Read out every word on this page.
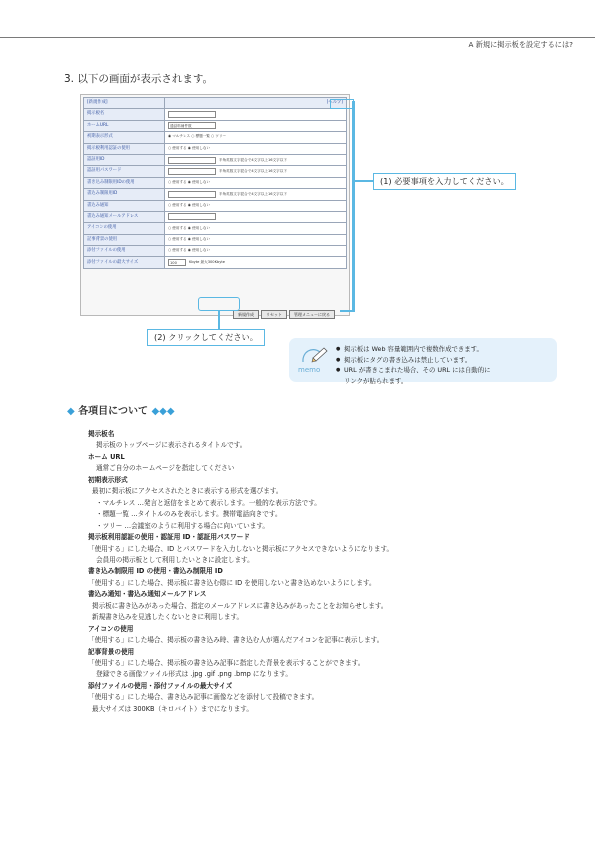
A 新規に掲示板を設定するには?
3. 以下の画面が表示されます。
[新規作成]	[ヘルプ]

掲示板名	
ホームURL	通話料補件数
初期表示形式	◉ マルチレス ○ 標題一覧 ○ ツリー
掲示板利用認証の使用	○ 使用する ◉ 使用しない
認証用ID	半角英数文字混合で4文字以上16文字以下
認証用パスワード	半角英数文字混合で4文字以上16文字以下
書き込み制限用IDの使用	○ 使用する ◉ 使用しない
書込み制限用ID	半角英数文字混合で4文字以上16文字以下
書込み通知	○ 使用する ◉ 使用しない
書込み通知メールアドレス	
アイコンの使用	○ 使用する ◉ 使用しない
記事背景の使用	○ 使用する ◉ 使用しない
添付ファイルの使用	○ 使用する ◉ 使用しない
添付ファイルの最大サイズ	100 Kbyte 最大300Kbyte
新規作成	リセット	管理メニューに戻る
(1) 必要事項を入力してください。
(2) クリックしてください。
memo
● 掲示板は Web 容量範囲内で複数作成できます。
● 掲示板にタグの書き込みは禁止しています。
● URL が書きこまれた場合、その URL には自動的に
リンクが貼られます。
◆ 各項目について ◆◆◆
掲示板名
掲示板のトップページに表示されるタイトルです。
ホーム URL
通常ご自分のホームページを指定してください
初期表示形式
最初に掲示板にアクセスされたときに表示する形式を選びます。
・マルチレス …発言と返信をまとめて表示します。一般的な表示方法です。
・標題一覧 …タイトルのみを表示します。携帯電話向きです。
・ツリー …会議室のように利用する場合に向いています。
掲示板利用認証の使用・認証用 ID・認証用パスワード
「使用する」にした場合、ID とパスワードを入力しないと掲示板にアクセスできないようになります。
会員用の掲示板として利用したいときに設定します。
書き込み制限用 ID の使用・書込み制限用 ID
「使用する」にした場合、掲示板に書き込む際に ID を使用しないと書き込めないようにします。
書込み通知・書込み通知メールアドレス
掲示板に書き込みがあった場合、指定のメールアドレスに書き込みがあったことをお知らせします。
新規書き込みを見逃したくないときに利用します。
アイコンの使用
「使用する」にした場合、掲示板の書き込み時、書き込む人が選んだアイコンを記事に表示します。
記事背景の使用
「使用する」にした場合、掲示板の書き込み記事に指定した背景を表示することができます。
登録できる画像ファイル形式は .jpg .gif .png .bmp になります。
添付ファイルの使用・添付ファイルの最大サイズ
「使用する」にした場合、書き込み記事に画像などを添付して投稿できます。
最大サイズは 300KB（キロバイト）までになります。
